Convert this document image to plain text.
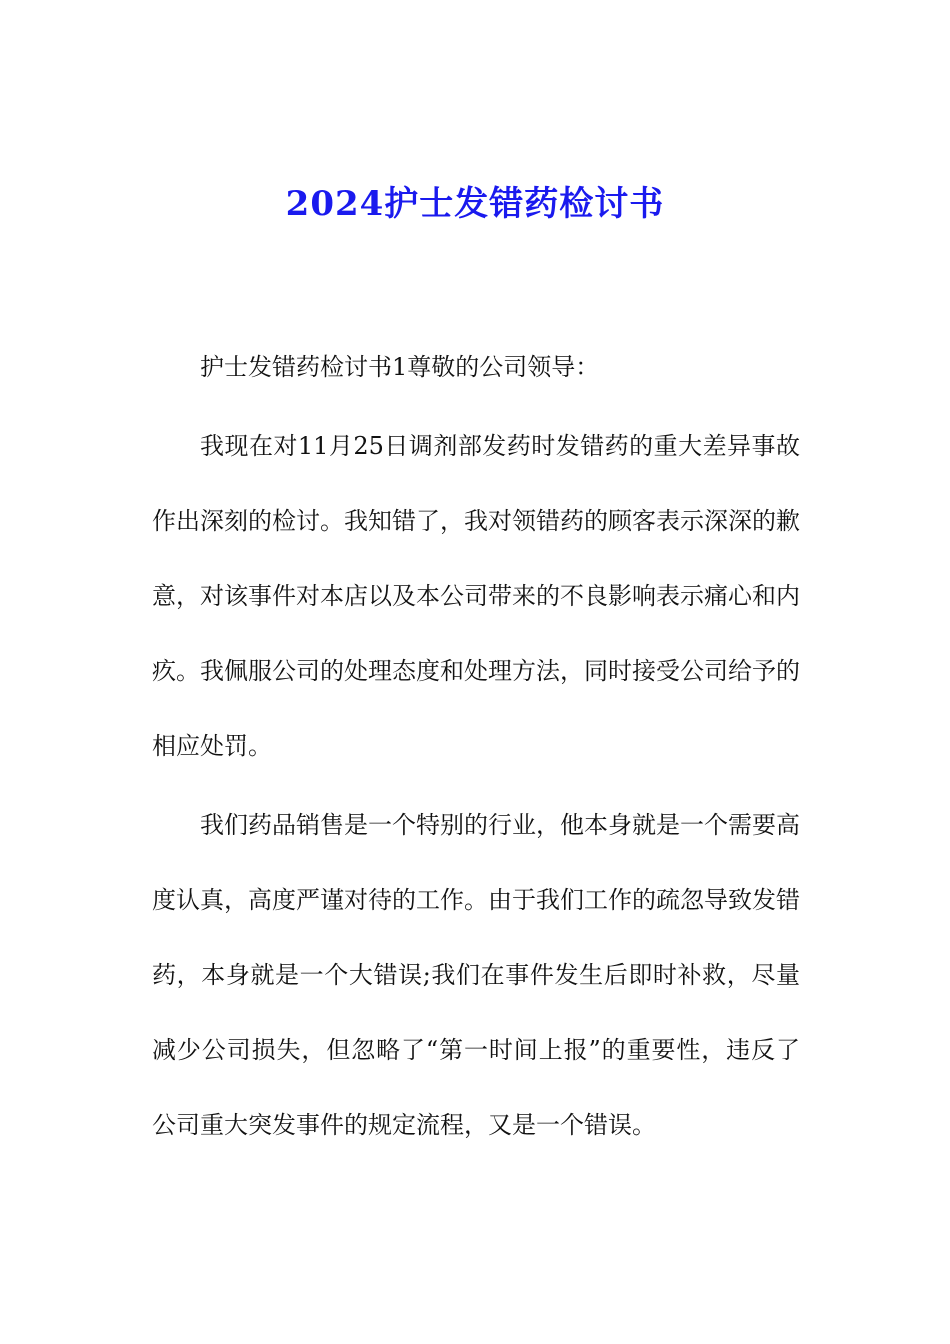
2024护士发错药检讨书

护士发错药检讨书1尊敬的公司领导：

我现在对11月25日调剂部发药时发错药的重大差异事故作出深刻的检讨。我知错了，我对领错药的顾客表示深深的歉意，对该事件对本店以及本公司带来的不良影响表示痛心和内疚。我佩服公司的处理态度和处理方法，同时接受公司给予的相应处罚。

我们药品销售是一个特别的行业，他本身就是一个需要高度认真，高度严谨对待的工作。由于我们工作的疏忽导致发错药，本身就是一个大错误;我们在事件发生后即时补救，尽量减少公司损失，但忽略了“第一时间上报”的重要性，违反了公司重大突发事件的规定流程，又是一个错误。
